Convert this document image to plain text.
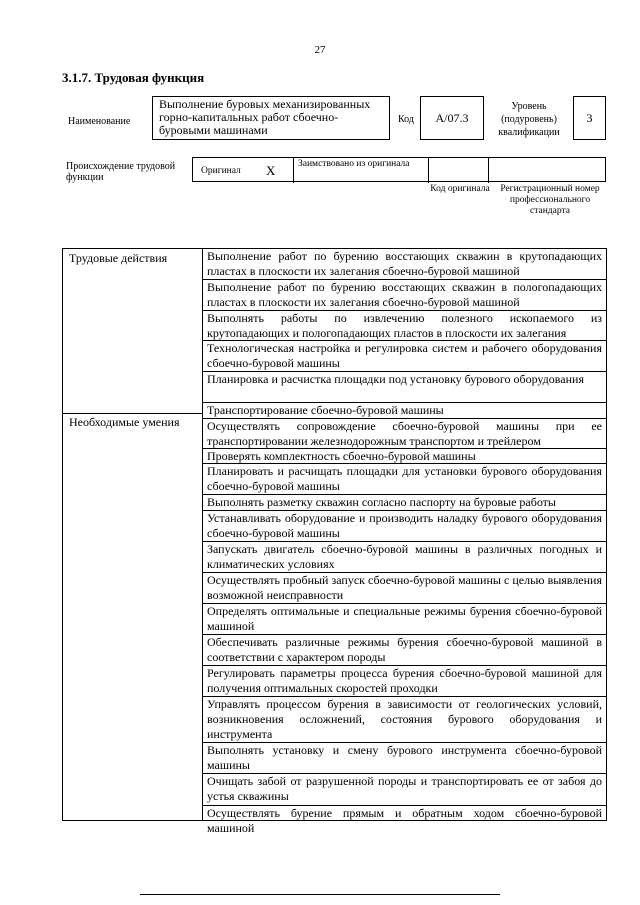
27
3.1.7. Трудовая функция
Наименование
Выполнение буровых механизированных горно-капитальных работ сбоечно-буровыми машинами
Код А/07.3
Уровень (подуровень) квалификации
3
Происхождение трудовой функции
Оригинал X Заимствовано из оригинала
Код оригинала	Регистрационный номер профессионального стандарта
Трудовые действия
Необходимые умения
Выполнение работ по бурению восстающих скважин в крутопадающих пластах в плоскости их залегания сбоечно-буровой машиной
Выполнение работ по бурению восстающих скважин в пологопадающих пластах в плоскости их залегания сбоечно-буровой машиной
Выполнять работы по извлечению полезного ископаемого из крутопадающих и пологопадающих пластов в плоскости их залегания
Технологическая настройка и регулировка систем и рабочего оборудования сбоечно-буровой машины
Планировка и расчистка площадки под установку бурового оборудования
Транспортирование сбоечно-буровой машины
Осуществлять сопровождение сбоечно-буровой машины при ее транспортировании железнодорожным транспортом и трейлером
Проверять комплектность сбоечно-буровой машины
Планировать и расчищать площадки для установки бурового оборудования сбоечно-буровой машины
Выполнять разметку скважин согласно паспорту на буровые работы
Устанавливать оборудование и производить наладку бурового оборудования сбоечно-буровой машины
Запускать двигатель сбоечно-буровой машины в различных погодных и климатических условиях
Осуществлять пробный запуск сбоечно-буровой машины с целью выявления возможной неисправности
Определять оптимальные и специальные режимы бурения сбоечно-буровой машиной
Обеспечивать различные режимы бурения сбоечно-буровой машиной в соответствии с характером породы
Регулировать параметры процесса бурения сбоечно-буровой машиной для получения оптимальных скоростей проходки
Управлять процессом бурения в зависимости от геологических условий, возникновения осложнений, состояния бурового оборудования и инструмента
Выполнять установку и смену бурового инструмента сбоечно-буровой машины
Очищать забой от разрушенной породы и транспортировать ее от забоя до устья скважины
Осуществлять бурение прямым и обратным ходом сбоечно-буровой машиной
